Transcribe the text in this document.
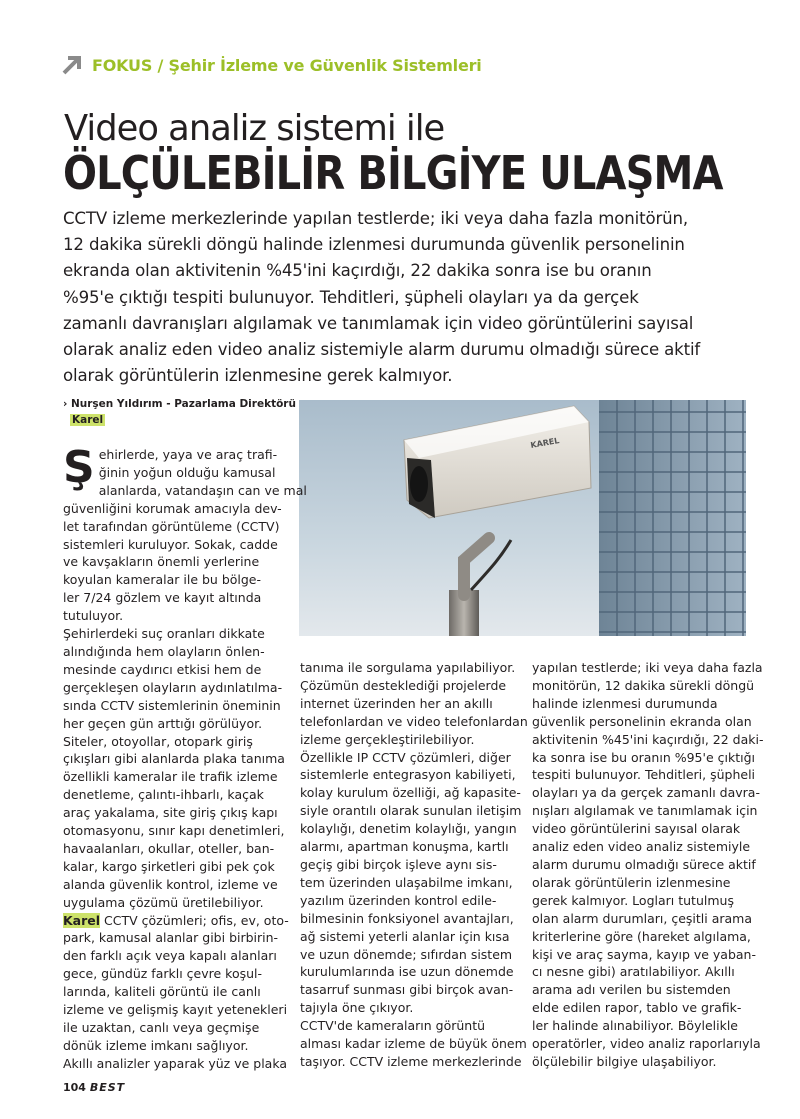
FOKUS / Şehir İzleme ve Güvenlik Sistemleri
Video analiz sistemi ile
ÖLÇÜLEBİLİR BİLGİYE ULAŞMA
CCTV izleme merkezlerinde yapılan testlerde; iki veya daha fazla monitörün,
12 dakika sürekli döngü halinde izlenmesi durumunda güvenlik personelinin
ekranda olan aktivitenin %45'ini kaçırdığı, 22 dakika sonra ise bu oranın
%95'e çıktığı tespiti bulunuyor. Tehditleri, şüpheli olayları ya da gerçek
zamanlı davranışları algılamak ve tanımlamak için video görüntülerini sayısal
olarak analiz eden video analiz sistemiyle alarm durumu olmadığı sürece aktif
olarak görüntülerin izlenmesine gerek kalmıyor.
› Nurşen Yıldırım - Pazarlama Direktörü
Karel
KAREL
Ş ehirlerde, yaya ve araç trafi-
ğinin yoğun olduğu kamusal
alanlarda, vatandaşın can ve mal
güvenliğini korumak amacıyla dev-
let tarafından görüntüleme (CCTV)
sistemleri kuruluyor. Sokak, cadde
ve kavşakların önemli yerlerine
koyulan kameralar ile bu bölge-
ler 7/24 gözlem ve kayıt altında
tutuluyor.
Şehirlerdeki suç oranları dikkate
alındığında hem olayların önlen-
mesinde caydırıcı etkisi hem de
gerçekleşen olayların aydınlatılma-
sında CCTV sistemlerinin öneminin
her geçen gün arttığı görülüyor.
Siteler, otoyollar, otopark giriş
çıkışları gibi alanlarda plaka tanıma
özellikli kameralar ile trafik izleme
denetleme, çalıntı-ihbarlı, kaçak
araç yakalama, site giriş çıkış kapı
otomasyonu, sınır kapı denetimleri,
havaalanları, okullar, oteller, ban-
kalar, kargo şirketleri gibi pek çok
alanda güvenlik kontrol, izleme ve
uygulama çözümü üretilebiliyor.
Karel CCTV çözümleri; ofis, ev, oto-
park, kamusal alanlar gibi birbirin-
den farklı açık veya kapalı alanları
gece, gündüz farklı çevre koşul-
larında, kaliteli görüntü ile canlı
izleme ve gelişmiş kayıt yetenekleri
ile uzaktan, canlı veya geçmişe
dönük izleme imkanı sağlıyor.
Akıllı analizler yaparak yüz ve plaka
tanıma ile sorgulama yapılabiliyor.
Çözümün desteklediği projelerde
internet üzerinden her an akıllı
telefonlardan ve video telefonlardan
izleme gerçekleştirilebiliyor.
Özellikle IP CCTV çözümleri, diğer
sistemlerle entegrasyon kabiliyeti,
kolay kurulum özelliği, ağ kapasite-
siyle orantılı olarak sunulan iletişim
kolaylığı, denetim kolaylığı, yangın
alarmı, apartman konuşma, kartlı
geçiş gibi birçok işleve aynı sis-
tem üzerinden ulaşabilme imkanı,
yazılım üzerinden kontrol edile-
bilmesinin fonksiyonel avantajları,
ağ sistemi yeterli alanlar için kısa
ve uzun dönemde; sıfırdan sistem
kurulumlarında ise uzun dönemde
tasarruf sunması gibi birçok avan-
tajıyla öne çıkıyor.
CCTV'de kameraların görüntü
alması kadar izleme de büyük önem
taşıyor. CCTV izleme merkezlerinde
yapılan testlerde; iki veya daha fazla
monitörün, 12 dakika sürekli döngü
halinde izlenmesi durumunda
güvenlik personelinin ekranda olan
aktivitenin %45'ini kaçırdığı, 22 daki-
ka sonra ise bu oranın %95'e çıktığı
tespiti bulunuyor. Tehditleri, şüpheli
olayları ya da gerçek zamanlı davra-
nışları algılamak ve tanımlamak için
video görüntülerini sayısal olarak
analiz eden video analiz sistemiyle
alarm durumu olmadığı sürece aktif
olarak görüntülerin izlenmesine
gerek kalmıyor. Logları tutulmuş
olan alarm durumları, çeşitli arama
kriterlerine göre (hareket algılama,
kişi ve araç sayma, kayıp ve yaban-
cı nesne gibi) aratılabiliyor. Akıllı
arama adı verilen bu sistemden
elde edilen rapor, tablo ve grafik-
ler halinde alınabiliyor. Böylelikle
operatörler, video analiz raporlarıyla
ölçülebilir bilgiye ulaşabiliyor.
104 BEST
